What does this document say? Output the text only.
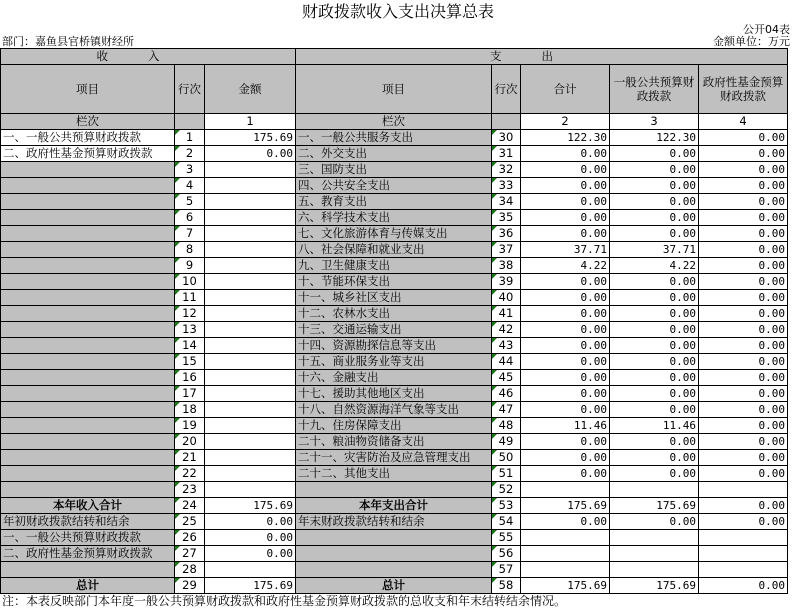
财政拨款收入支出决算总表
公开04表
部门：嘉鱼县官桥镇财经所	金额单位：万元
收入			支出				
项目	行次	金额	项目	行次	合计	一般公共预算财政拨款	政府性基金预算财政拨款
栏次		1	栏次		2	3	4
一、一般公共预算财政拨款	1	175.69	一、一般公共服务支出	30	122.30	122.30	0.00
二、政府性基金预算财政拨款	2	0.00	二、外交支出	31	0.00	0.00	0.00
	3		三、国防支出	32	0.00	0.00	0.00
	4		四、公共安全支出	33	0.00	0.00	0.00
	5		五、教育支出	34	0.00	0.00	0.00
	6		六、科学技术支出	35	0.00	0.00	0.00
	7		七、文化旅游体育与传媒支出	36	0.00	0.00	0.00
	8		八、社会保障和就业支出	37	37.71	37.71	0.00
	9		九、卫生健康支出	38	4.22	4.22	0.00
	10		十、节能环保支出	39	0.00	0.00	0.00
	11		十一、城乡社区支出	40	0.00	0.00	0.00
	12		十二、农林水支出	41	0.00	0.00	0.00
	13		十三、交通运输支出	42	0.00	0.00	0.00
	14		十四、资源勘探信息等支出	43	0.00	0.00	0.00
	15		十五、商业服务业等支出	44	0.00	0.00	0.00
	16		十六、金融支出	45	0.00	0.00	0.00
	17		十七、援助其他地区支出	46	0.00	0.00	0.00
	18		十八、自然资源海洋气象等支出	47	0.00	0.00	0.00
	19		十九、住房保障支出	48	11.46	11.46	0.00
	20		二十、粮油物资储备支出	49	0.00	0.00	0.00
	21		二十一、灾害防治及应急管理支出	50	0.00	0.00	0.00
	22		二十二、其他支出	51	0.00	0.00	0.00
	23			52			
本年收入合计	24	175.69	本年支出合计	53	175.69	175.69	0.00
年初财政拨款结转和结余	25	0.00	年末财政拨款结转和结余	54	0.00	0.00	0.00
一、一般公共预算财政拨款	26	0.00		55			
二、政府性基金预算财政拨款	27	0.00		56			
	28			57			
总计	29	175.69	总计	58	175.69	175.69	0.00
注：本表反映部门本年度一般公共预算财政拨款和政府性基金预算财政拨款的总收支和年末结转结余情况。
